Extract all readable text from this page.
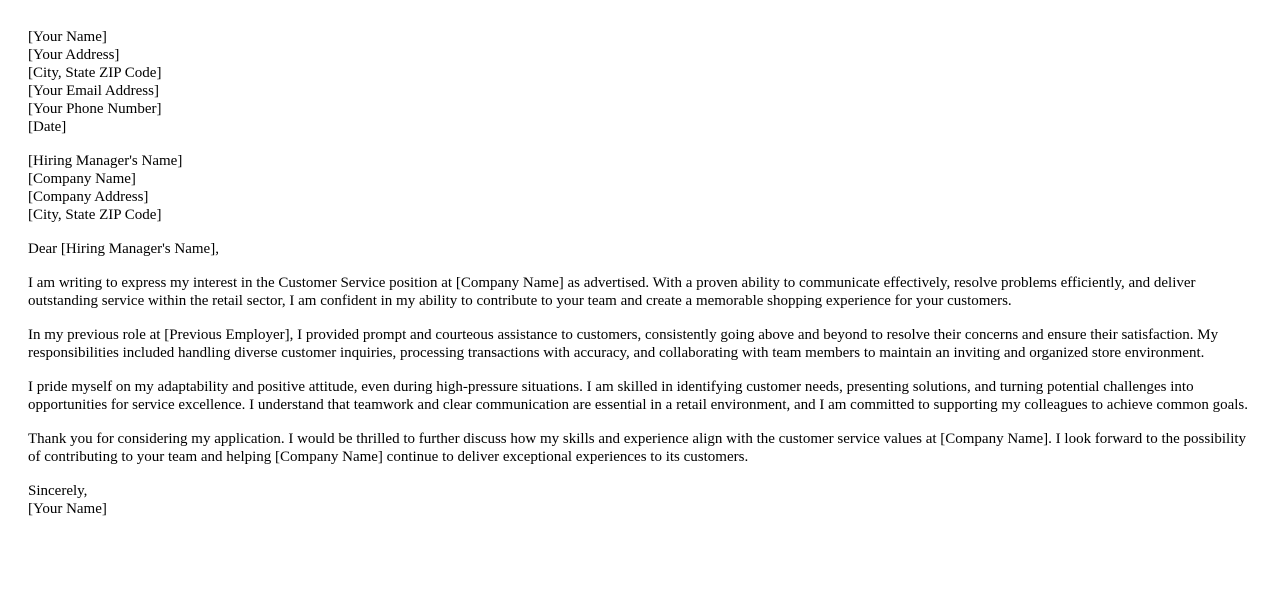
[Your Name]
[Your Address]
[City, State ZIP Code]
[Your Email Address]
[Your Phone Number]
[Date]
[Hiring Manager's Name]
[Company Name]
[Company Address]
[City, State ZIP Code]

Dear [Hiring Manager's Name],

I am writing to express my interest in the Customer Service position at [Company Name] as advertised. With a proven ability to communicate effectively, resolve problems efficiently, and deliver outstanding service within the retail sector, I am confident in my ability to contribute to your team and create a memorable shopping experience for your customers.

In my previous role at [Previous Employer], I provided prompt and courteous assistance to customers, consistently going above and beyond to resolve their concerns and ensure their satisfaction. My responsibilities included handling diverse customer inquiries, processing transactions with accuracy, and collaborating with team members to maintain an inviting and organized store environment.

I pride myself on my adaptability and positive attitude, even during high-pressure situations. I am skilled in identifying customer needs, presenting solutions, and turning potential challenges into opportunities for service excellence. I understand that teamwork and clear communication are essential in a retail environment, and I am committed to supporting my colleagues to achieve common goals.

Thank you for considering my application. I would be thrilled to further discuss how my skills and experience align with the customer service values at [Company Name]. I look forward to the possibility of contributing to your team and helping [Company Name] continue to deliver exceptional experiences to its customers.

Sincerely,
[Your Name]
